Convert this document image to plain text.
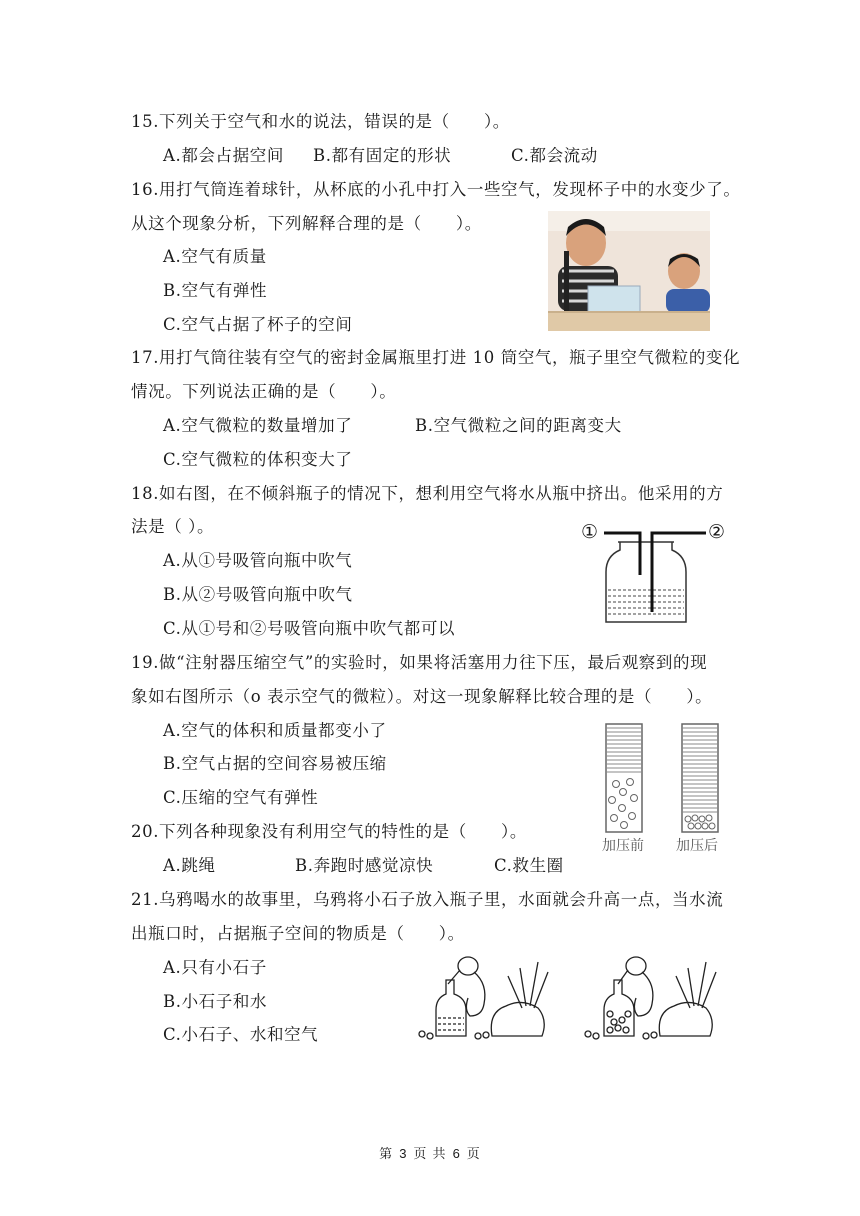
15.下列关于空气和水的说法，错误的是（　　）。
A.都会占据空间 B.都有固定的形状	C.都会流动
16.用打气筒连着球针，从杯底的小孔中打入一些空气，发现杯子中的水变少了。
从这个现象分析，下列解释合理的是（　　）。
A.空气有质量
B.空气有弹性
C.空气占据了杯子的空间
17.用打气筒往装有空气的密封金属瓶里打进 10 筒空气，瓶子里空气微粒的变化
情况。下列说法正确的是（　　）。
A.空气微粒的数量增加了	B.空气微粒之间的距离变大
C.空气微粒的体积变大了
18.如右图，在不倾斜瓶子的情况下，想利用空气将水从瓶中挤出。他采用的方
法是（ ）。
A.从①号吸管向瓶中吹气
B.从②号吸管向瓶中吹气
C.从①号和②号吸管向瓶中吹气都可以
①	②
19.做“注射器压缩空气”的实验时，如果将活塞用力往下压，最后观察到的现
象如右图所示（o 表示空气的微粒）。对这一现象解释比较合理的是（　　）。
A.空气的体积和质量都变小了
B.空气占据的空间容易被压缩
C.压缩的空气有弹性
加压前 加压后
20.下列各种现象没有利用空气的特性的是（　　）。
A.跳绳	B.奔跑时感觉凉快	C.救生圈
21.乌鸦喝水的故事里，乌鸦将小石子放入瓶子里，水面就会升高一点，当水流
出瓶口时，占据瓶子空间的物质是（　　）。
A.只有小石子
B.小石子和水
C.小石子、水和空气
第 3 页 共 6 页
